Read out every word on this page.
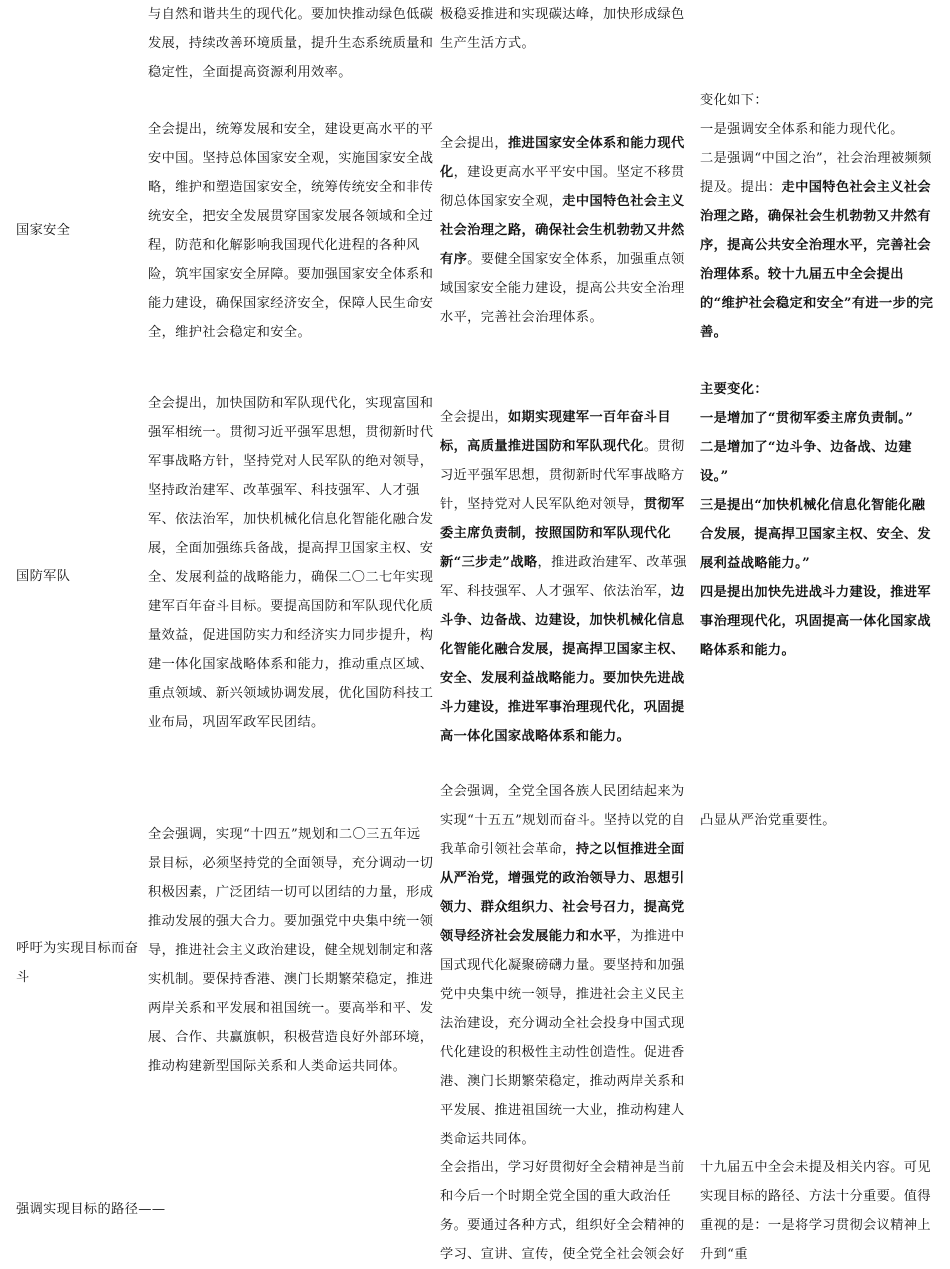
与自然和谐共生的现代化。要加快推动绿色低碳发展，持续改善环境质量，提升生态系统质量和稳定性，全面提高资源利用效率。

极稳妥推进和实现碳达峰，加快形成绿色生产生活方式。

国家安全

全会提出，统筹发展和安全，建设更高水平的平安中国。坚持总体国家安全观，实施国家安全战略，维护和塑造国家安全，统筹传统安全和非传统安全，把安全发展贯穿国家发展各领域和全过程，防范和化解影响我国现代化进程的各种风险，筑牢国家安全屏障。要加强国家安全体系和能力建设，确保国家经济安全，保障人民生命安全，维护社会稳定和安全。

全会提出，推进国家安全体系和能力现代化，建设更高水平平安中国。坚定不移贯彻总体国家安全观，走中国特色社会主义社会治理之路，确保社会生机勃勃又井然有序。要健全国家安全体系，加强重点领域国家安全能力建设，提高公共安全治理水平，完善社会治理体系。

变化如下：

一是强调安全体系和能力现代化。

二是强调“中国之治”，社会治理被频频提及。提出：走中国特色社会主义社会治理之路，确保社会生机勃勃又井然有序，提高公共安全治理水平，完善社会治理体系。较十九届五中全会提出的“维护社会稳定和安全”有进一步的完善。

国防军队

全会提出，加快国防和军队现代化，实现富国和强军相统一。贯彻习近平强军思想，贯彻新时代军事战略方针，坚持党对人民军队的绝对领导，坚持政治建军、改革强军、科技强军、人才强军、依法治军，加快机械化信息化智能化融合发展，全面加强练兵备战，提高捍卫国家主权、安全、发展利益的战略能力，确保二〇二七年实现建军百年奋斗目标。要提高国防和军队现代化质量效益，促进国防实力和经济实力同步提升，构建一体化国家战略体系和能力，推动重点区域、重点领域、新兴领域协调发展，优化国防科技工业布局，巩固军政军民团结。

全会提出，如期实现建军一百年奋斗目标，高质量推进国防和军队现代化。贯彻习近平强军思想，贯彻新时代军事战略方针，坚持党对人民军队绝对领导，贯彻军委主席负责制，按照国防和军队现代化新“三步走”战略，推进政治建军、改革强军、科技强军、人才强军、依法治军，边斗争、边备战、边建设，加快机械化信息化智能化融合发展，提高捍卫国家主权、安全、发展利益战略能力。要加快先进战斗力建设，推进军事治理现代化，巩固提高一体化国家战略体系和能力。

主要变化：

一是增加了“贯彻军委主席负责制。”

二是增加了“边斗争、边备战、边建设。”

三是提出“加快机械化信息化智能化融合发展，提高捍卫国家主权、安全、发展利益战略能力。”

四是提出加快先进战斗力建设，推进军事治理现代化，巩固提高一体化国家战略体系和能力。

呼吁为实现目标而奋斗

全会强调，实现“十四五”规划和二〇三五年远景目标，必须坚持党的全面领导，充分调动一切积极因素，广泛团结一切可以团结的力量，形成推动发展的强大合力。要加强党中央集中统一领导，推进社会主义政治建设，健全规划制定和落实机制。要保持香港、澳门长期繁荣稳定，推进两岸关系和平发展和祖国统一。要高举和平、发展、合作、共赢旗帜，积极营造良好外部环境，推动构建新型国际关系和人类命运共同体。

全会强调，全党全国各族人民团结起来为实现“十五五”规划而奋斗。坚持以党的自我革命引领社会革命，持之以恒推进全面从严治党，增强党的政治领导力、思想引领力、群众组织力、社会号召力，提高党领导经济社会发展能力和水平，为推进中国式现代化凝聚磅礴力量。要坚持和加强党中央集中统一领导，推进社会主义民主法治建设，充分调动全社会投身中国式现代化建设的积极性主动性创造性。促进香港、澳门长期繁荣稳定，推动两岸关系和平发展、推进祖国统一大业，推动构建人类命运共同体。

凸显从严治党重要性。

强调实现目标的路径——

全会指出，学习好贯彻好全会精神是当前和今后一个时期全党全国的重大政治任务。要通过各种方式，组织好全会精神的学习、宣讲、宣传，使全党全社会领会好

十九届五中全会未提及相关内容。可见实现目标的路径、方法十分重要。值得重视的是：一是将学习贯彻会议精神上升到“重
